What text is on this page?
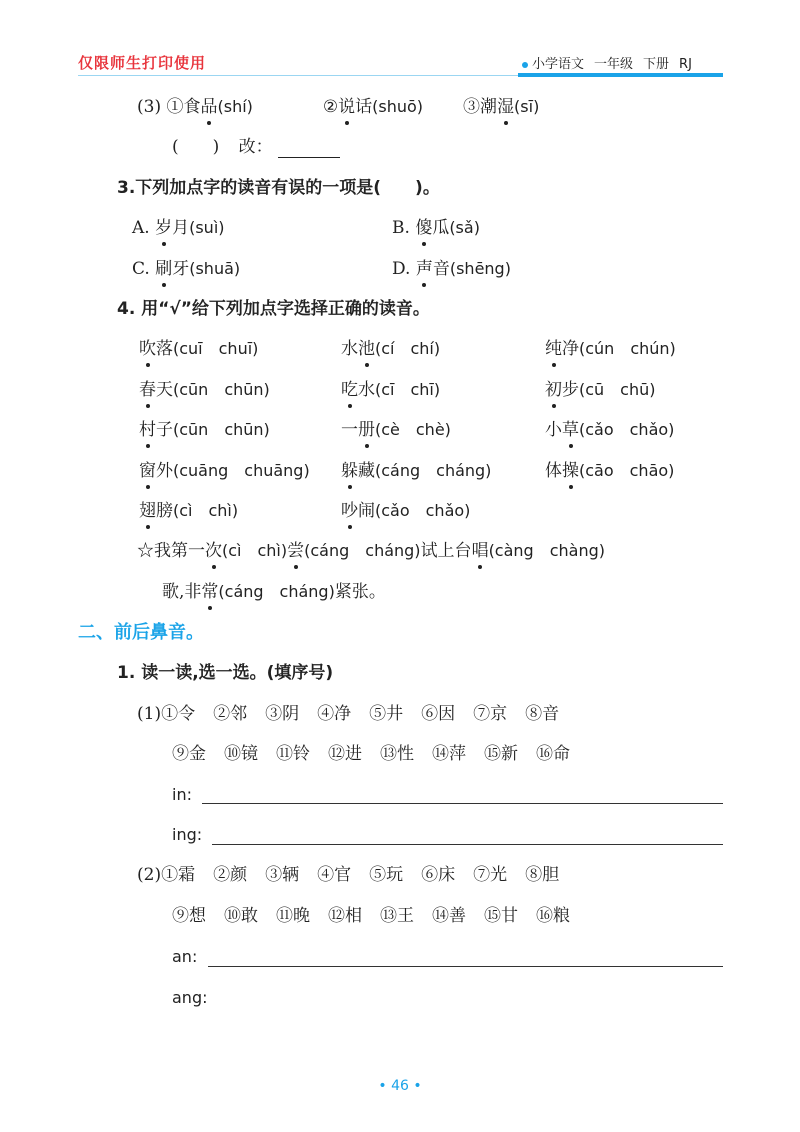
仅限师生打印使用	小学语文 一年级 下册 RJ
(3) ①食品(shí)	②说话(shuō) ③潮湿(sī)
(　　) 改：
3.下列加点字的读音有误的一项是(　　)。
A. 岁月(suì)	B. 傻瓜(sǎ)
C. 刷牙(shuā)	D. 声音(shēng)
4. 用“√”给下列加点字选择正确的读音。
吹落(cuī　chuī)	水池(cí　chí)	纯净(cún　chún)
春天(cūn　chūn)	吃水(cī　chī)	初步(cū　chū)
村子(cūn　chūn)	一册(cè　chè)	小草(cǎo　chǎo)
窗外(cuāng　chuāng) 躲藏(cáng　cháng)	体操(cāo　chāo)
翅膀(cì　chì)	吵闹(cǎo　chǎo)
☆我第一次(cì　chì)尝(cáng　cháng)试上台唱(càng　chàng)
歌,非常(cáng　cháng)紧张。
二、前后鼻音。
1. 读一读,选一选。(填序号)
(1)①令 ②邻 ③阴 ④净 ⑤井 ⑥因 ⑦京 ⑧音
⑨金 ⑩镜 ⑪铃 ⑫进 ⑬性 ⑭萍 ⑮新 ⑯命
in:
ing:
(2)①霜 ②颜 ③辆 ④官 ⑤玩 ⑥床 ⑦光 ⑧胆
⑨想 ⑩敢 ⑪晚 ⑫相 ⑬王 ⑭善 ⑮甘 ⑯粮
an:
ang:
• 46 •
